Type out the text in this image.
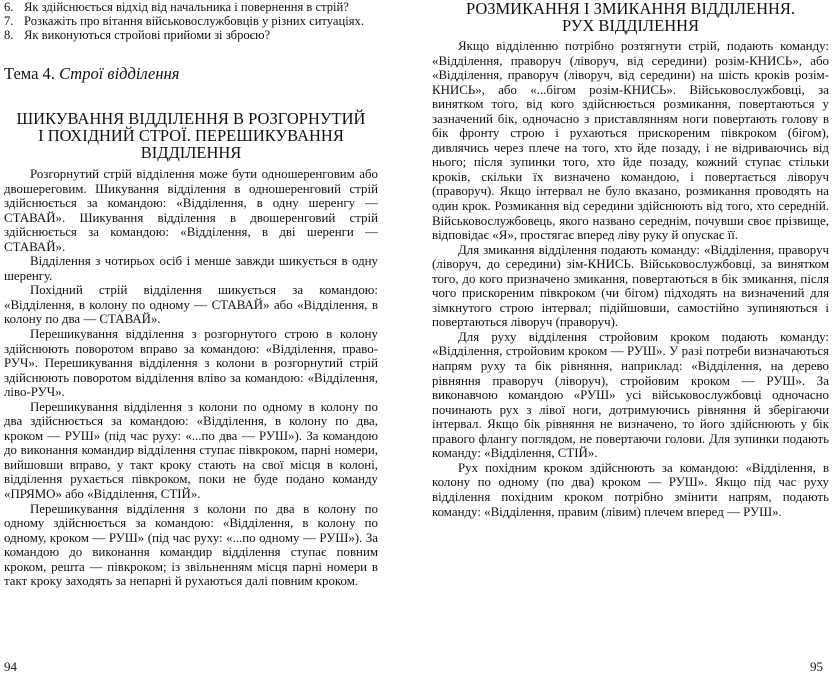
6. Як здійснюється відхід від начальника і повернення в стрій?
7. Розкажіть про вітання військовослужбовців у різних ситуаціях.
8. Як виконуються стройові прийоми зі зброєю?
Тема 4. Строї відділення
ШИКУВАННЯ ВІДДІЛЕННЯ В РОЗГОРНУТИЙ
І ПОХІДНИЙ СТРОЇ. ПЕРЕШИКУВАННЯ
ВІДДІЛЕННЯ

Розгорнутий стрій відділення може бути одношеренговим або двошереговим. Шикування відділення в одношеренговий стрій здійснюється за командою: «Відділення, в одну шеренгу — СТАВАЙ». Шикування відділення в двошеренговий стрій здійснюється за командою: «Відділення, в дві шеренги — СТАВАЙ».

Відділення з чотирьох осіб і менше завжди шикується в одну шеренгу.

Похідний стрій відділення шикується за командою: «Відділення, в колону по одному — СТАВАЙ» або «Відділення, в колону по два — СТАВАЙ».

Перешикування відділення з розгорнутого строю в колону здійснюють поворотом вправо за командою: «Відділення, право-РУЧ». Перешикування відділення з колони в розгорнутий стрій здійснюють поворотом відділення вліво за командою: «Відділення, ліво-РУЧ».

Перешикування відділення з колони по одному в колону по два здійснюється за командою: «Відділення, в колону по два, кроком — РУШ» (під час руху: «...по два — РУШ»). За командою до виконання командир відділення ступає півкроком, парні номери, вийшовши вправо, у такт кроку стають на свої місця в колоні, відділення рухається півкроком, поки не буде подано команду «ПРЯМО» або «Відділення, СТІЙ».

Перешикування відділення з колони по два в колону по одному здійснюється за командою: «Відділення, в колону по одному, кроком — РУШ» (під час руху: «...по одному — РУШ»). За командою до виконання командир відділення ступає повним кроком, решта — півкроком; із звільненням місця парні номери в такт кроку заходять за непарні й рухаються далі повним кроком.

94
РОЗМИКАННЯ І ЗМИКАННЯ ВІДДІЛЕННЯ.
РУХ ВІДДІЛЕННЯ

Якщо відділенню потрібно розтягнути стрій, подають команду: «Відділення, праворуч (ліворуч, від середини) розім-КНИСЬ», або «Відділення, праворуч (ліворуч, від середини) на шість кроків розім-КНИСЬ», або «...бігом розім-КНИСЬ». Військовослужбовці, за винятком того, від кого здійснюється розмикання, повертаються у зазначений бік, одночасно з приставлянням ноги повертають голову в бік фронту строю і рухаються прискореним півкроком (бігом), дивлячись через плече на того, хто йде позаду, і не відриваючись від нього; після зупинки того, хто йде позаду, кожний ступає стільки кроків, скільки їх визначено командою, і повертається ліворуч (праворуч). Якщо інтервал не було вказано, розмикання проводять на один крок. Розмикання від середини здійснюють від того, хто середній. Військовослужбовець, якого названо середнім, почувши своє прізвище, відповідає «Я», простягає вперед ліву руку й опускає її.

Для змикання відділення подають команду: «Відділення, праворуч (ліворуч, до середини) зім-КНИСЬ. Військовослужбовці, за винятком того, до кого призначено змикання, повертаються в бік змикання, після чого прискореним півкроком (чи бігом) підходять на визначений для зімкнутого строю інтервал; підійшовши, самостійно зупиняються і повертаються ліворуч (праворуч).

Для руху відділення стройовим кроком подають команду: «Відділення, стройовим кроком — РУШ». У разі потреби визначаються напрям руху та бік рівняння, наприклад: «Відділення, на дерево рівняння праворуч (ліворуч), стройовим кроком — РУШ». За виконавчою командою «РУШ» усі військовослужбовці одночасно починають рух з лівої ноги, дотримуючись рівняння й зберігаючи інтервал. Якщо бік рівняння не визначено, то його здійснюють у бік правого флангу поглядом, не повертаючи голови. Для зупинки подають команду: «Відділення, СТІЙ».

Рух похідним кроком здійснюють за командою: «Відділення, в колону по одному (по два) кроком — РУШ». Якщо під час руху відділення похідним кроком потрібно змінити напрям, подають команду: «Відділення, правим (лівим) плечем вперед — РУШ».

95
